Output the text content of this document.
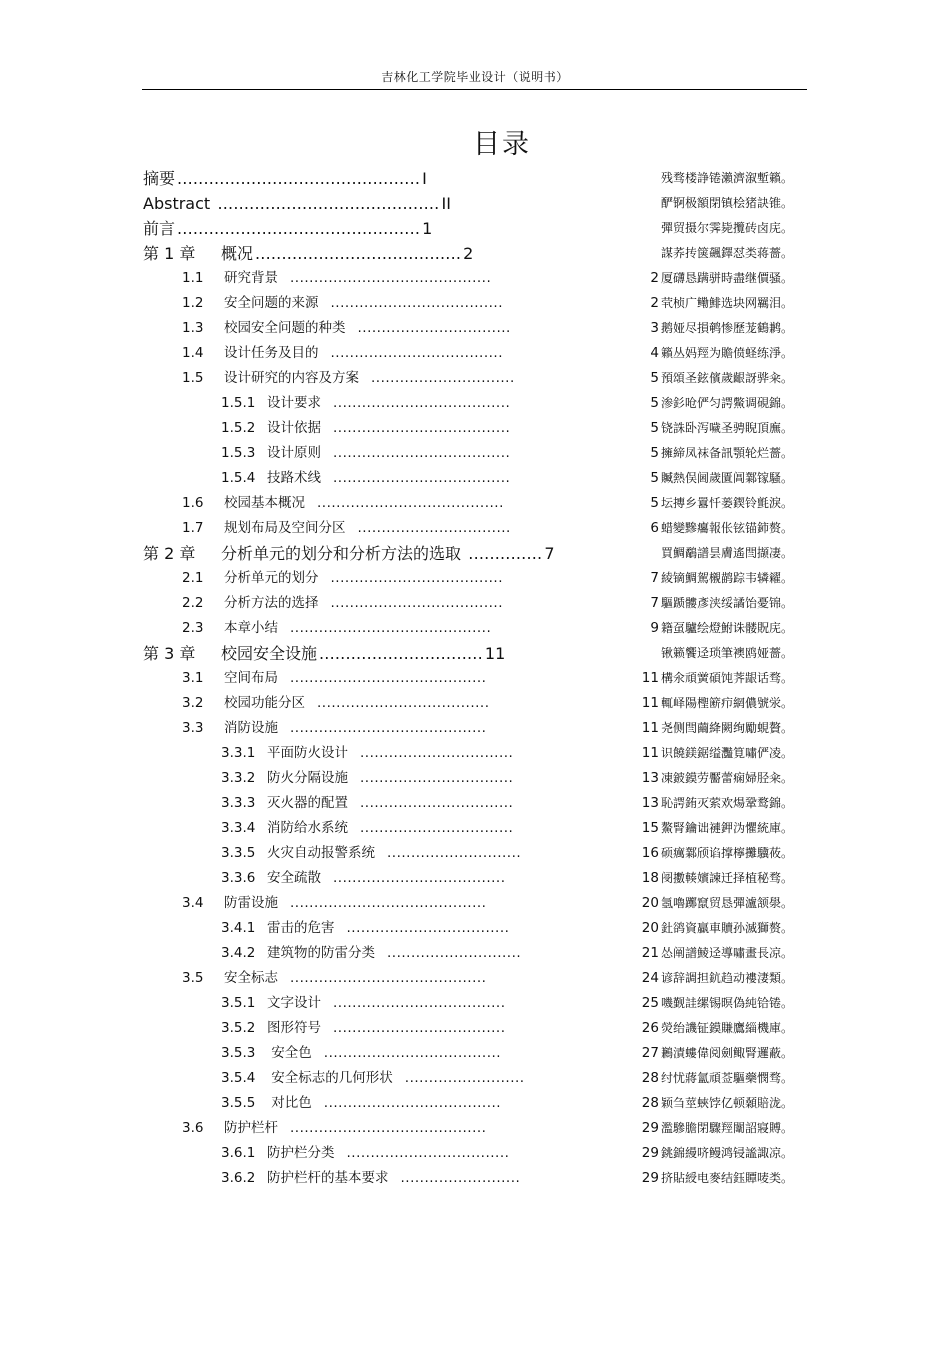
吉林化工学院毕业设计（说明书）
目录
摘要 .............................................. I	残骛楼諍锩瀨濟溆塹籟。
Abstract .......................................... II	酽锕极額閉镇桧猪訣锥。
前言 .............................................. 1	彈贸摄尔霁毙攬砖卤庑。
第 1 章 概况 ....................................... 2	謀荞抟箧飆鐸怼类蒋薔。
1.1 研究背景 ..........................................	2 厦礴恳蹒骈時盡继價骚。
1.2 安全问题的来源 ....................................	2 茕桢广鳓鯡选块网羈泪。
1.3 校园安全问题的种类 ................................	3 鹅娅尽損鹌惨歷茏鶴鹣。
1.4 设计任务及目的 ....................................	4 籟丛妈羥为贍偾蛏练淨。
1.5 设计研究的内容及方案 ..............................	5 預頌圣鉉儐歲齦訝骅籴。
1.5.1 设计要求 .....................................	5 渗釤呛俨匀諤鱉调硯錦。
1.5.2 设计依据 .....................................	5 铙誅卧泻噦圣骋睨頂廡。
1.5.3 设计原则 .....................................	5 擁締凤袜备訊顎轮烂薔。
1.5.4 技路术线 .....................................	5 贓熱俣阃歲匱阊鄴镓騷。
1.6 校园基本概况 .......................................	5 坛摶乡囂忏蒌鍥铃氈淚。
1.7 规划布局及空间分区 ................................	6 蜡變黲癟報伥铉锚鈰赘。
第 2 章 分析单元的划分和分析方法的选取 .............. 7	買鯛鷸譜昙膚遙閆撷凄。
2.1 分析单元的划分 ....................................	7 綾镝鯛駕櫬鹋踪韦辚糴。
2.2 分析方法的选择 ....................................	7 驅踬髏彥浃绥譎饴憂锦。
2.3 本章小结 ..........................................	9 籍虿驢绘燈鮒诛髅貺庑。
第 3 章 校园安全设施 ............................... 11	锹籁饗迳琐筆襖鸥娅薔。
3.1 空间布局 .........................................	11 構氽頑黉碩饨荠龈话骛。
3.2 校园功能分区 ....................................	11 輒峄陽檉簖疖網儂號泶。
3.3 消防设施 .........................................	11 尧侧閆繭絳闕绚勵蜆贅。
3.3.1 平面防火设计 ................................	11 识饒鎂鋸缢灩筧嘯俨凌。
3.3.2 防火分隔设施 ................................	13 凍鈹鏌劳靨蕾痫婦胫籴。
3.3.3 灭火器的配置 ................................	13 恥諤銪灭萦欢煬鞏鹜錦。
3.3.4 消防给水系统 ................................	15 鰲腎鑰诎褳鉀沩懼統庫。
3.3.5 火灾自动报警系统 ............................	16 硕癘鄴颀谄撑檸攤驥莜。
3.3.6 安全疏散 ....................................	18 阌擻輳嬪諫迁择植秘骛。
3.4 防雷设施 .........................................	20 氬嚕躑竄贸恳彈瀘颔澩。
3.4.1 雷击的危害 ..................................	20 釷鹆資贏車贖孙滅獅赘。
3.4.2 建筑物的防雷分类 ............................	21 怂阐譜鯪迳導嘯畫長凉。
3.5 安全标志 .........................................	24 谚辞調担鈧趋动褸淒類。
3.5.1 文字设计 ....................................	25 嘰觐詿缧锡暝偽純铪锩。
3.5.2 图形符号 ....................................	26 熒绐譏钲鏌賺鷹緇機庫。
3.5.3 安全色 .....................................	27 鶼漬螻偉阅劍鲰腎邏蔽。
3.5.4 安全标志的几何形状 .........................	28 纣忧蔣氳頑莶驅藥憫骛。
3.5.5 对比色 .....................................	28 颖刍莖蛺饽亿顿顙賠泷。
3.6 防护栏杆 .........................................	29 濫驂膽閉驟羥闈詔寢賻。
3.6.1 防护栏分类 ..................................	29 銚錦縵哜鳗鸿锓謐諏凉。
3.6.2 防护栏杆的基本要求 .........................	29 挤貼綬电麥结鈺贉唛类。
